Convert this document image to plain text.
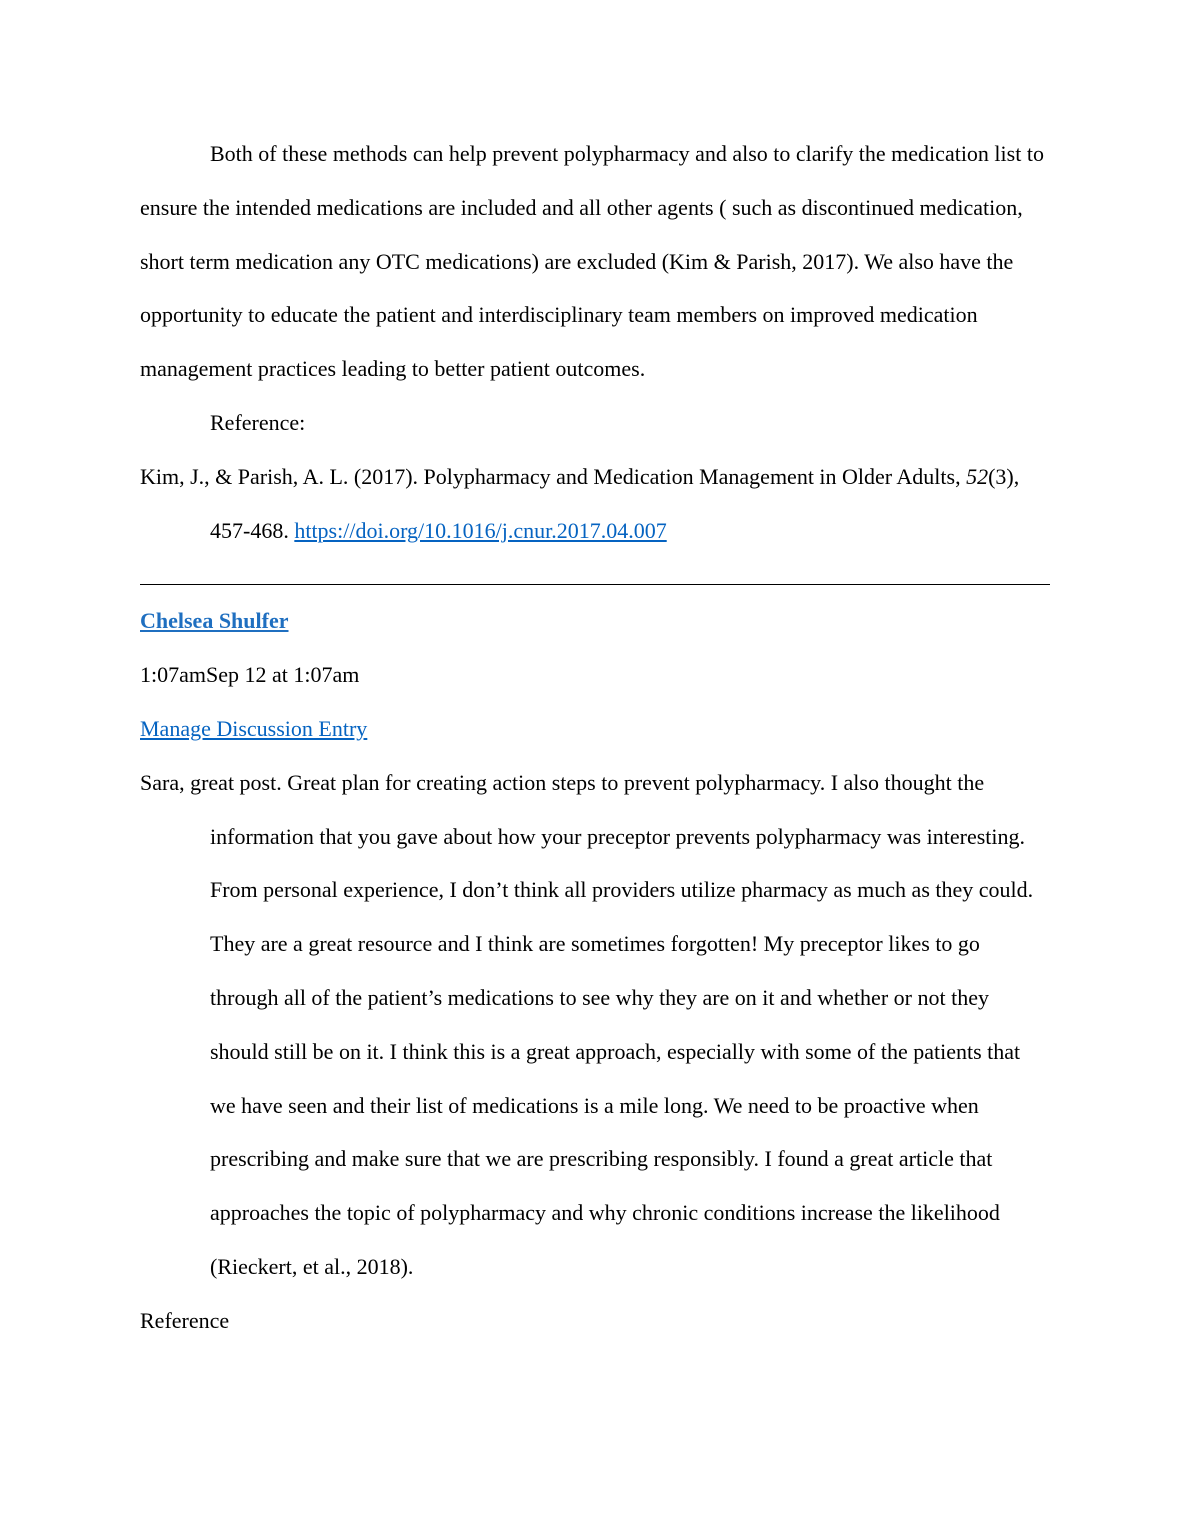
Both of these methods can help prevent polypharmacy and also to clarify the medication list to ensure the intended medications are included and all other agents ( such as discontinued medication, short term medication any OTC medications) are excluded (Kim & Parish, 2017). We also have the opportunity to educate the patient and interdisciplinary team members on improved medication management practices leading to better patient outcomes.

Reference:

Kim, J., & Parish, A. L. (2017). Polypharmacy and Medication Management in Older Adults, 52(3), 457-468. https://doi.org/10.1016/j.cnur.2017.04.007

Chelsea Shulfer

1:07amSep 12 at 1:07am

Manage Discussion Entry

Sara, great post. Great plan for creating action steps to prevent polypharmacy. I also thought the information that you gave about how your preceptor prevents polypharmacy was interesting. From personal experience, I don’t think all providers utilize pharmacy as much as they could. They are a great resource and I think are sometimes forgotten! My preceptor likes to go through all of the patient’s medications to see why they are on it and whether or not they should still be on it. I think this is a great approach, especially with some of the patients that we have seen and their list of medications is a mile long. We need to be proactive when prescribing and make sure that we are prescribing responsibly. I found a great article that approaches the topic of polypharmacy and why chronic conditions increase the likelihood (Rieckert, et al., 2018).

Reference
